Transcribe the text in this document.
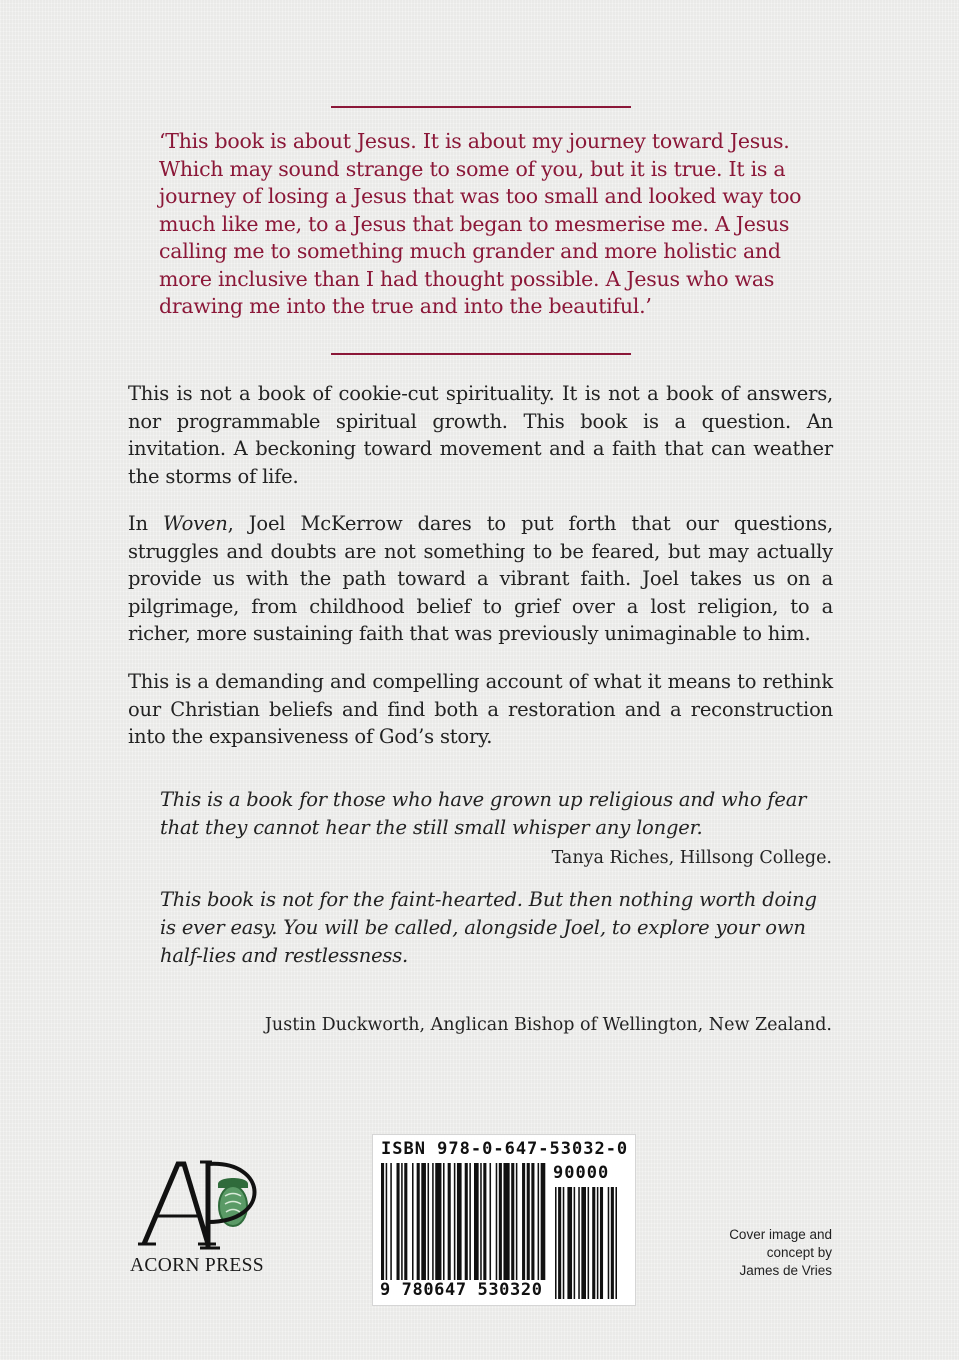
‘This book is about Jesus. It is about my journey toward Jesus. Which may sound strange to some of you, but it is true. It is a journey of losing a Jesus that was too small and looked way too much like me, to a Jesus that began to mesmerise me. A Jesus calling me to something much grander and more holistic and more inclusive than I had thought possible. A Jesus who was drawing me into the true and into the beautiful.’

This is not a book of cookie-cut spirituality. It is not a book of answers, nor programmable spiritual growth. This book is a question. An invitation. A beckoning toward movement and a faith that can weather the storms of life.

In Woven, Joel McKerrow dares to put forth that our questions, struggles and doubts are not something to be feared, but may actually provide us with the path toward a vibrant faith. Joel takes us on a pilgrimage, from childhood belief to grief over a lost religion, to a richer, more sustaining faith that was previously unimaginable to him.

This is a demanding and compelling account of what it means to rethink our Christian beliefs and find both a restoration and a reconstruction into the expansiveness of God’s story.

This is a book for those who have grown up religious and who fear that they cannot hear the still small whisper any longer.

Tanya Riches, Hillsong College.

This book is not for the faint-hearted. But then nothing worth doing is ever easy. You will be called, alongside Joel, to explore your own half-lies and restlessness.

Justin Duckworth, Anglican Bishop of Wellington, New Zealand.

ACORN PRESS
ISBN 978-0-647-53032-0
90000
9 780647 530320

Cover image and
concept by
James de Vries
